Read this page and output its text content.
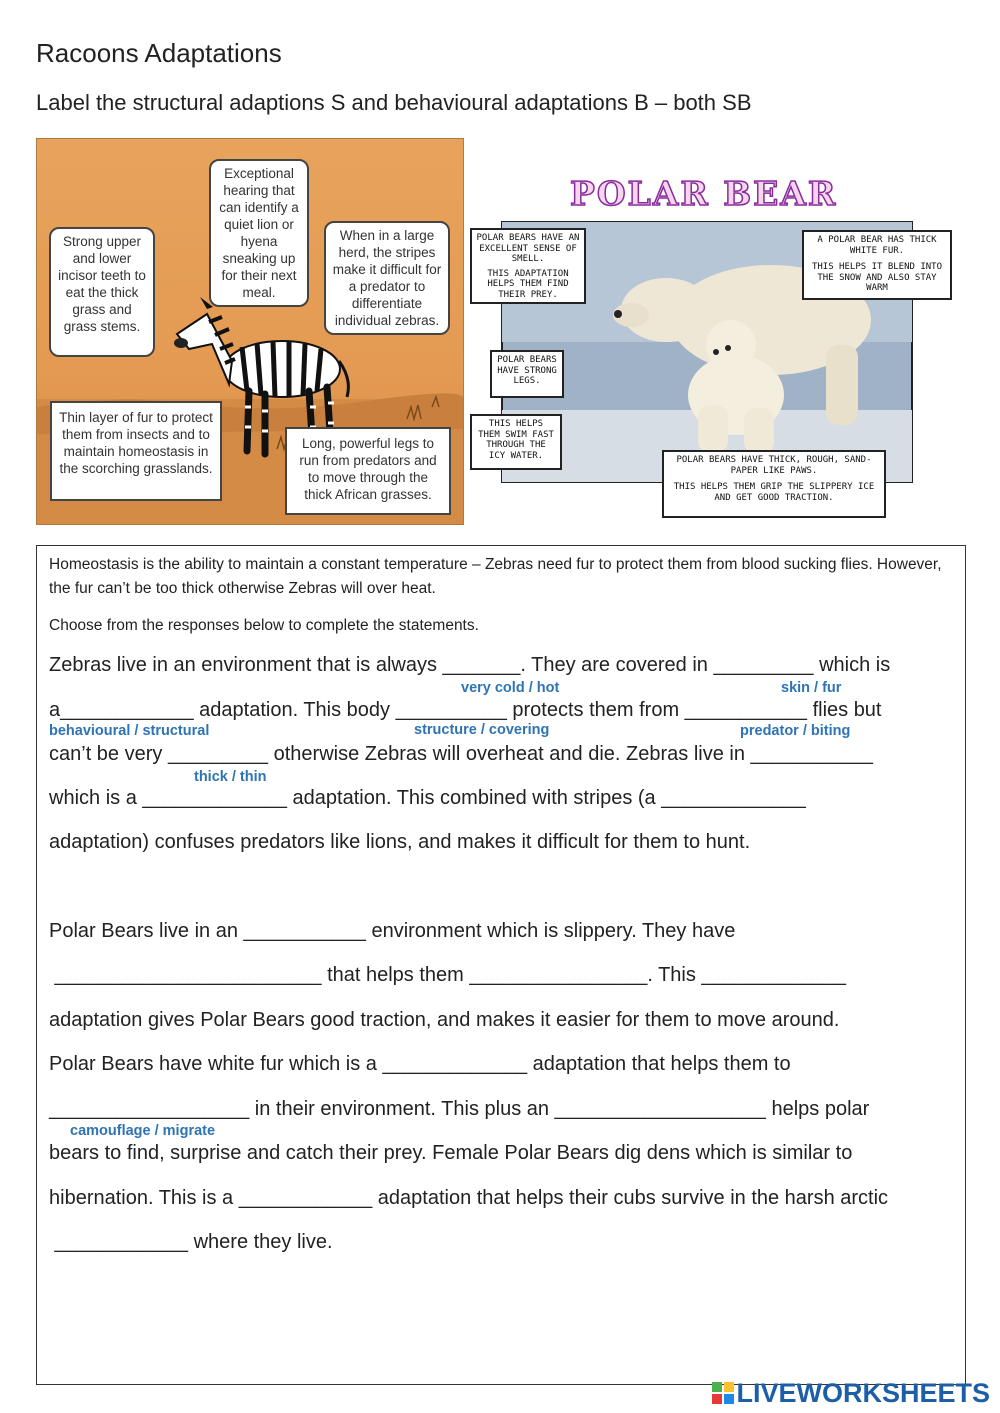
Racoons Adaptations
Label the structural adaptions S and behavioural adaptations B – both SB
Strong upper and lower incisor teeth to eat the thick grass and grass stems.
Exceptional hearing that can identify a quiet lion or hyena sneaking up for their next meal.
When in a large herd, the stripes make it difficult for a predator to differentiate individual zebras.
Thin layer of fur to protect them from insects and to maintain homeostasis in the scorching grasslands.
Long, powerful legs to run from predators and to move through the thick African grasses.
POLAR BEAR
POLAR BEARS HAVE AN EXCELLENT SENSE OF SMELL.
THIS ADAPTATION HELPS THEM FIND THEIR PREY.
A POLAR BEAR HAS THICK WHITE FUR.
THIS HELPS IT BLEND INTO THE SNOW AND ALSO STAY WARM
POLAR BEARS HAVE STRONG LEGS.
THIS HELPS THEM SWIM FAST THROUGH THE ICY WATER.	POLAR BEARS HAVE THICK, ROUGH, SAND-PAPER LIKE PAWS.
THIS HELPS THEM GRIP THE SLIPPERY ICE AND GET GOOD TRACTION.
Homeostasis is the ability to maintain a constant temperature – Zebras need fur to protect them from blood sucking flies. However, the fur can’t be too thick otherwise Zebras will over heat.
Choose from the responses below to complete the statements.
Zebras live in an environment that is always _______. They are covered in _________ which is
very cold / hot	skin / fur
a____________ adaptation. This body __________ protects them from ___________ flies but
behavioural / structural	structure / covering	predator / biting
can’t be very _________ otherwise Zebras will overheat and die. Zebras live in ___________
thick / thin
which is a _____________ adaptation. This combined with stripes (a _____________
adaptation) confuses predators like lions, and makes it difficult for them to hunt.
Polar Bears live in an ___________ environment which is slippery. They have
________________________ that helps them ________________. This _____________
adaptation gives Polar Bears good traction, and makes it easier for them to move around.
Polar Bears have white fur which is a _____________ adaptation that helps them to
__________________ in their environment. This plus an ___________________ helps polar
camouflage / migrate
bears to find, surprise and catch their prey. Female Polar Bears dig dens which is similar to
hibernation. This is a ____________ adaptation that helps their cubs survive in the harsh arctic
____________ where they live.
LIVEWORKSHEETS
